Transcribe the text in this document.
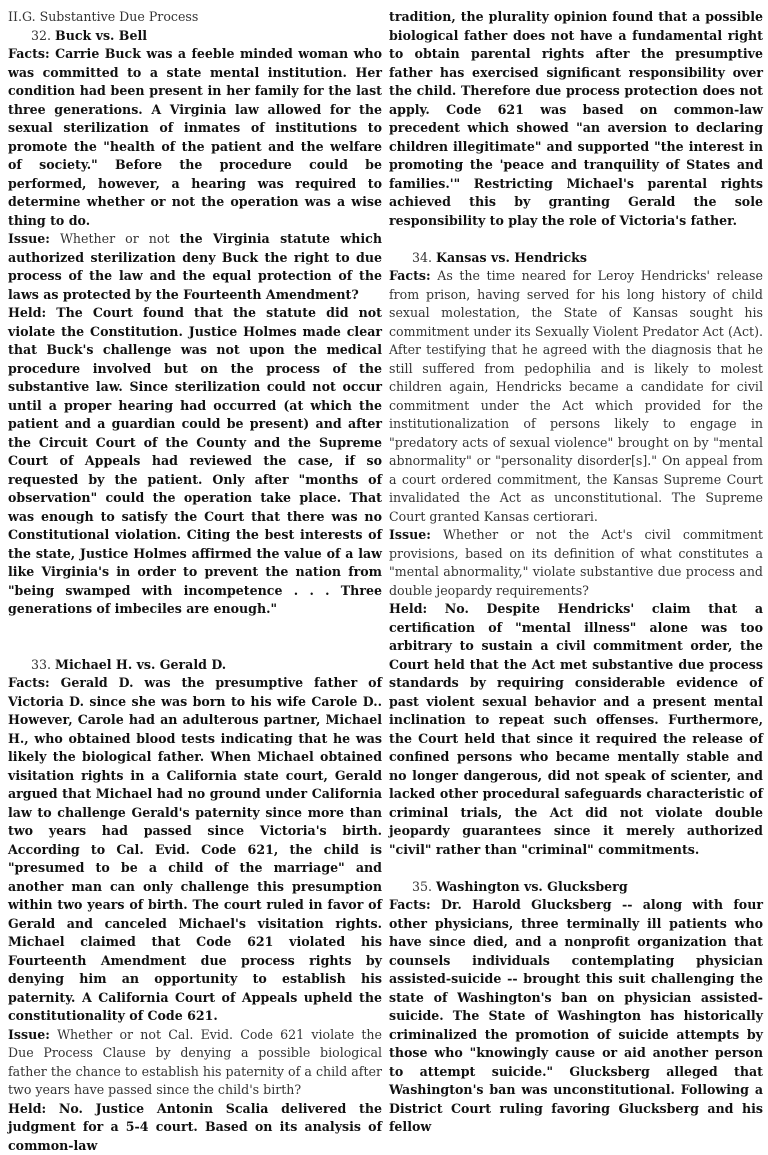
II.G. Substantive Due Process

32. Buck vs. Bell

Facts: Carrie Buck was a feeble minded woman who was committed to a state mental institution. Her condition had been present in her family for the last three generations. A Virginia law allowed for the sexual sterilization of inmates of institutions to promote the "health of the patient and the welfare of society." Before the procedure could be performed, however, a hearing was required to determine whether or not the operation was a wise thing to do.

Issue: Whether or not the Virginia statute which authorized sterilization deny Buck the right to due process of the law and the equal protection of the laws as protected by the Fourteenth Amendment?

Held: The Court found that the statute did not violate the Constitution. Justice Holmes made clear that Buck's challenge was not upon the medical procedure involved but on the process of the substantive law. Since sterilization could not occur until a proper hearing had occurred (at which the patient and a guardian could be present) and after the Circuit Court of the County and the Supreme Court of Appeals had reviewed the case, if so requested by the patient. Only after "months of observation" could the operation take place. That was enough to satisfy the Court that there was no Constitutional violation. Citing the best interests of the state, Justice Holmes affirmed the value of a law like Virginia's in order to prevent the nation from "being swamped with incompetence . . . Three generations of imbeciles are enough."

33. Michael H. vs. Gerald D.

Facts: Gerald D. was the presumptive father of Victoria D. since she was born to his wife Carole D.. However, Carole had an adulterous partner, Michael H., who obtained blood tests indicating that he was likely the biological father. When Michael obtained visitation rights in a California state court, Gerald argued that Michael had no ground under California law to challenge Gerald's paternity since more than two years had passed since Victoria's birth. According to Cal. Evid. Code 621, the child is "presumed to be a child of the marriage" and another man can only challenge this presumption within two years of birth. The court ruled in favor of Gerald and canceled Michael's visitation rights. Michael claimed that Code 621 violated his Fourteenth Amendment due process rights by denying him an opportunity to establish his paternity. A California Court of Appeals upheld the constitutionality of Code 621.

Issue: Whether or not Cal. Evid. Code 621 violate the Due Process Clause by denying a possible biological father the chance to establish his paternity of a child after two years have passed since the child's birth?

Held: No. Justice Antonin Scalia delivered the judgment for a 5-4 court. Based on its analysis of common-law

tradition, the plurality opinion found that a possible biological father does not have a fundamental right to obtain parental rights after the presumptive father has exercised significant responsibility over the child. Therefore due process protection does not apply. Code 621 was based on common-law precedent which showed "an aversion to declaring children illegitimate" and supported "the interest in promoting the 'peace and tranquility of States and families.'" Restricting Michael's parental rights achieved this by granting Gerald the sole responsibility to play the role of Victoria's father.

34. Kansas vs. Hendricks

Facts: As the time neared for Leroy Hendricks' release from prison, having served for his long history of child sexual molestation, the State of Kansas sought his commitment under its Sexually Violent Predator Act (Act). After testifying that he agreed with the diagnosis that he still suffered from pedophilia and is likely to molest children again, Hendricks became a candidate for civil commitment under the Act which provided for the institutionalization of persons likely to engage in "predatory acts of sexual violence" brought on by "mental abnormality" or "personality disorder[s]." On appeal from a court ordered commitment, the Kansas Supreme Court invalidated the Act as unconstitutional. The Supreme Court granted Kansas certiorari.

Issue: Whether or not the Act's civil commitment provisions, based on its definition of what constitutes a "mental abnormality," violate substantive due process and double jeopardy requirements?

Held: No. Despite Hendricks' claim that a certification of "mental illness" alone was too arbitrary to sustain a civil commitment order, the Court held that the Act met substantive due process standards by requiring considerable evidence of past violent sexual behavior and a present mental inclination to repeat such offenses. Furthermore, the Court held that since it required the release of confined persons who became mentally stable and no longer dangerous, did not speak of scienter, and lacked other procedural safeguards characteristic of criminal trials, the Act did not violate double jeopardy guarantees since it merely authorized "civil" rather than "criminal" commitments.

35. Washington vs. Glucksberg

Facts: Dr. Harold Glucksberg -- along with four other physicians, three terminally ill patients who have since died, and a nonprofit organization that counsels individuals contemplating physician assisted-suicide -- brought this suit challenging the state of Washington's ban on physician assisted-suicide. The State of Washington has historically criminalized the promotion of suicide attempts by those who "knowingly cause or aid another person to attempt suicide." Glucksberg alleged that Washington's ban was unconstitutional. Following a District Court ruling favoring Glucksberg and his fellow
